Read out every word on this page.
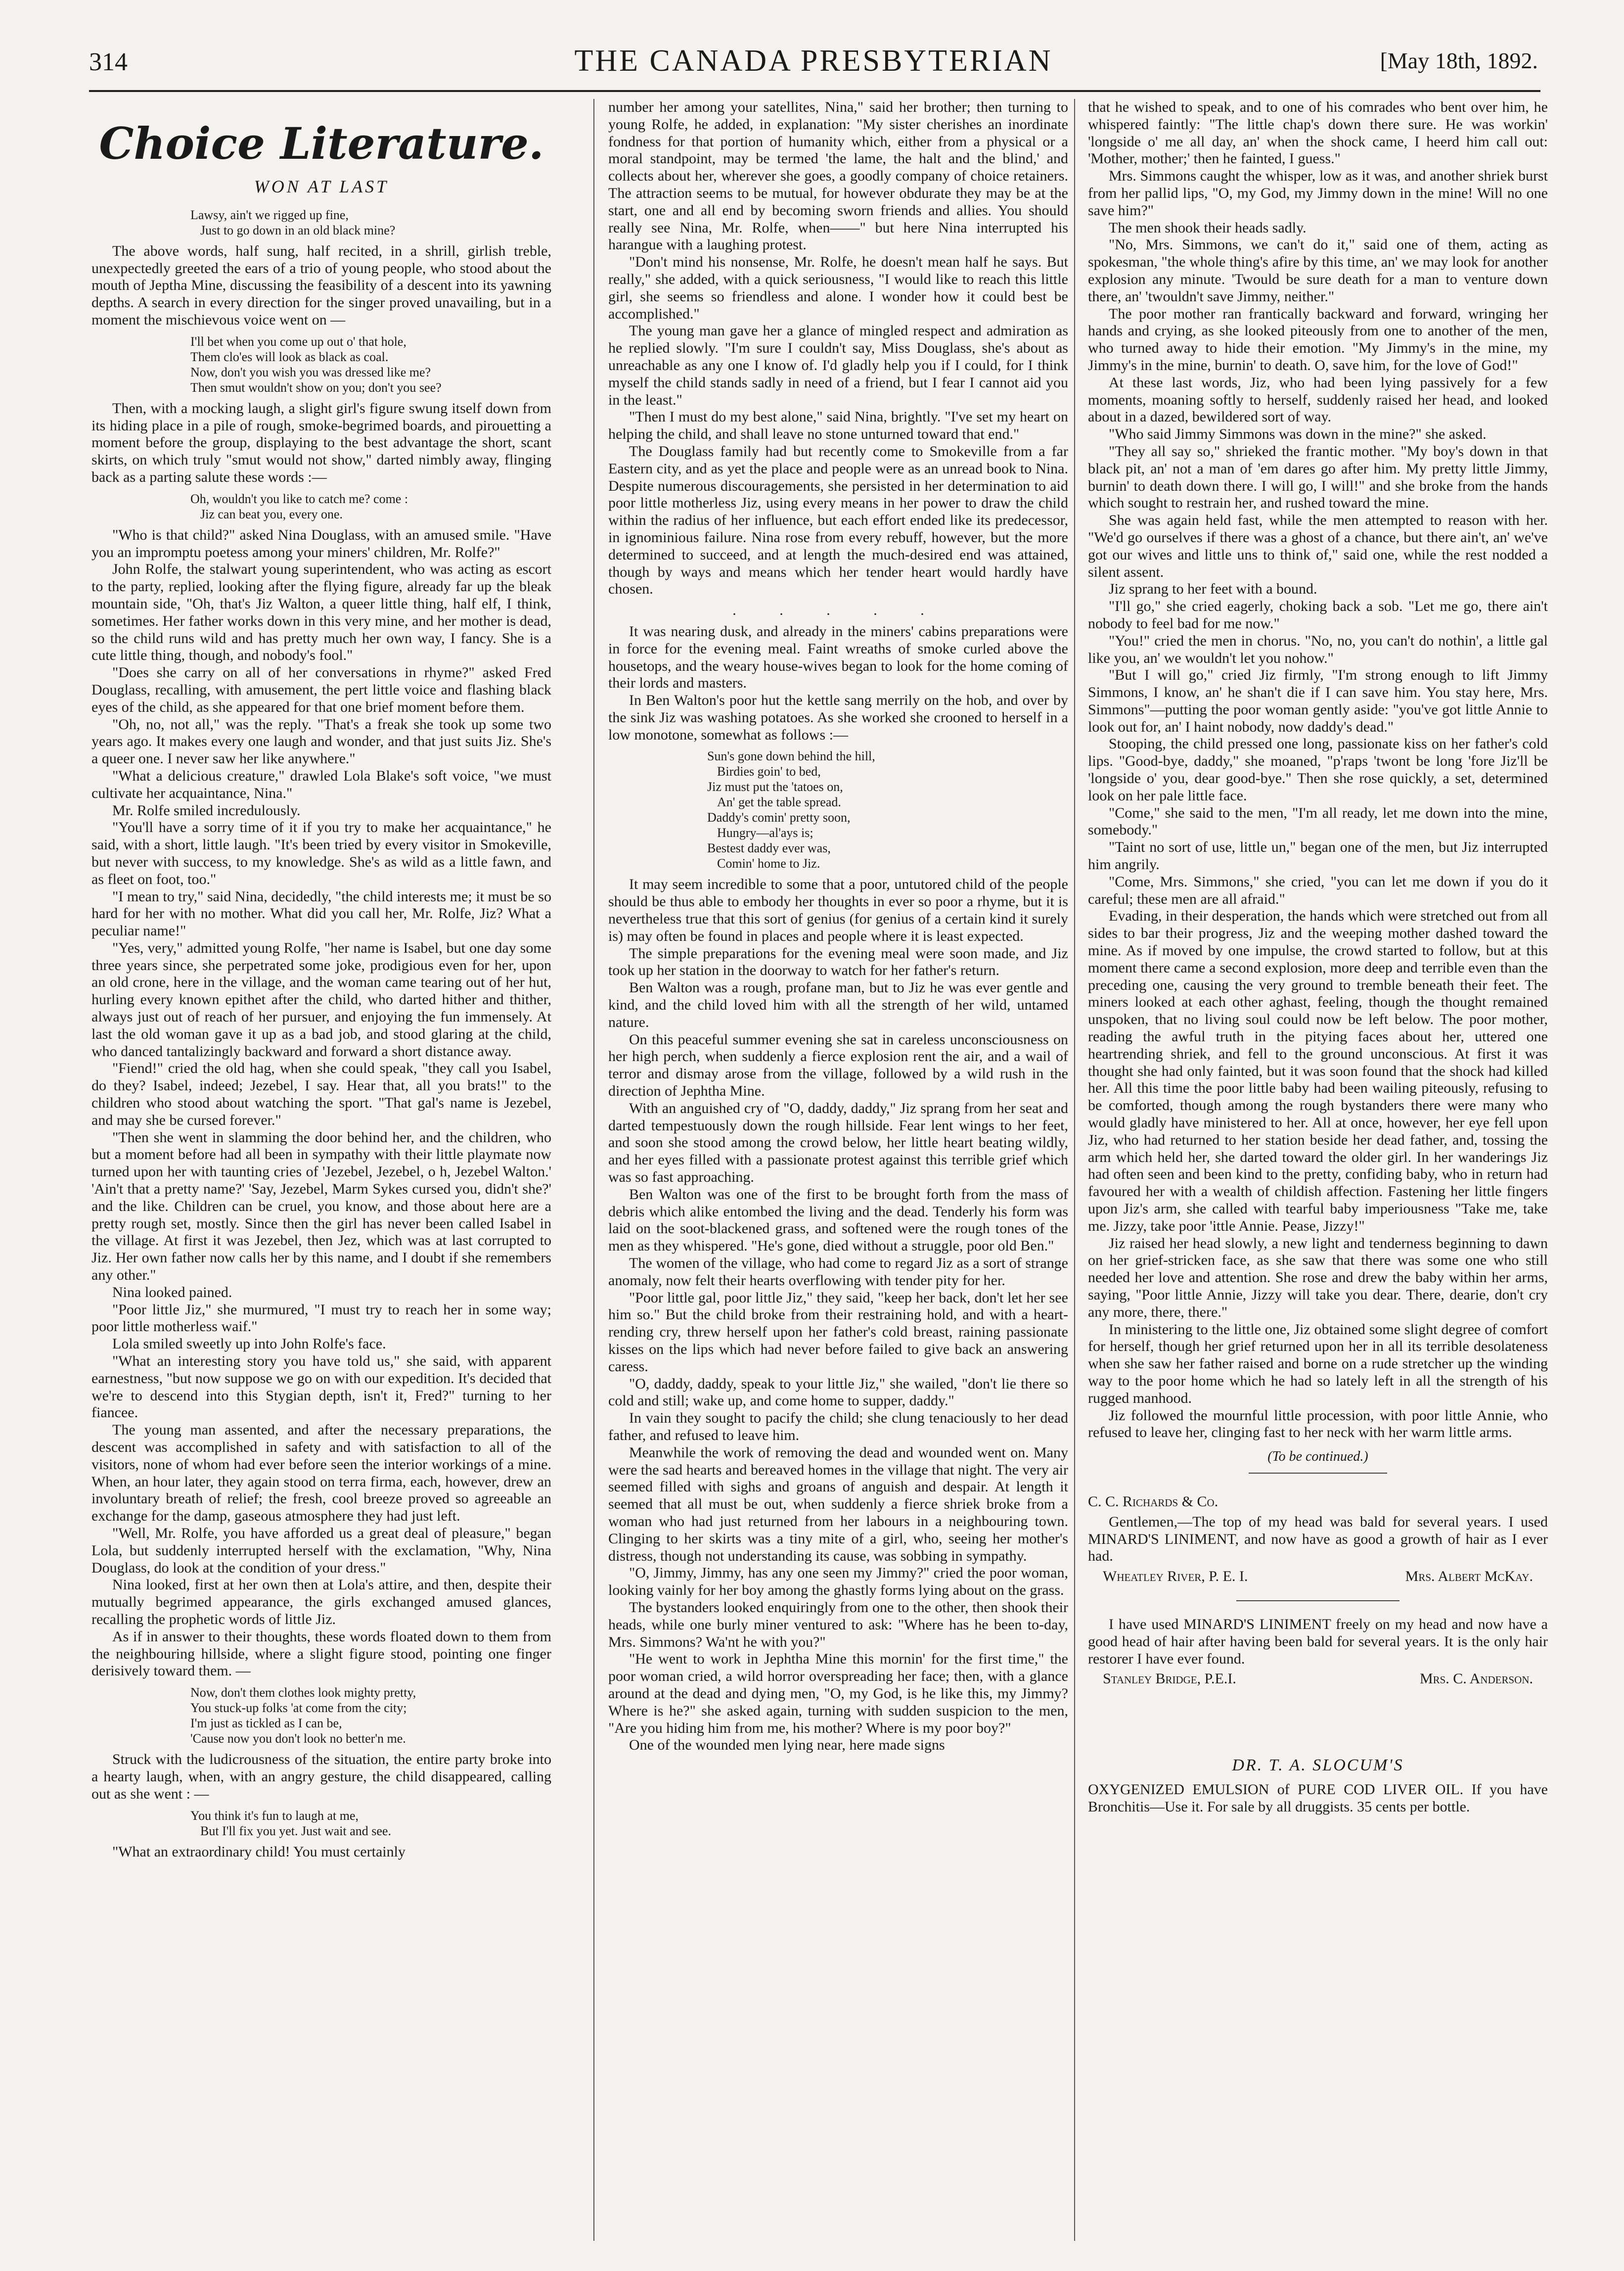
314	THE CANADA PRESBYTERIAN	[May 18th, 1892.
Choice Literature.
WON AT LAST
Lawsy, ain't we rigged up fine,
Just to go down in an old black mine?

The above words, half sung, half recited, in a shrill, girlish treble, unexpectedly greeted the ears of a trio of young people, who stood about the mouth of Jeptha Mine, discussing the feasibility of a descent into its yawning depths. A search in every direction for the singer proved unavailing, but in a moment the mischievous voice went on —

I'll bet when you come up out o' that hole,
Them clo'es will look as black as coal.
Now, don't you wish you was dressed like me?
Then smut wouldn't show on you; don't you see?

Then, with a mocking laugh, a slight girl's figure swung itself down from its hiding place in a pile of rough, smoke-begrimed boards, and pirouetting a moment before the group, displaying to the best advantage the short, scant skirts, on which truly "smut would not show," darted nimbly away, flinging back as a parting salute these words :—

Oh, wouldn't you like to catch me? come :
Jiz can beat you, every one.

"Who is that child?" asked Nina Douglass, with an amused smile. "Have you an impromptu poetess among your miners' children, Mr. Rolfe?"

John Rolfe, the stalwart young superintendent, who was acting as escort to the party, replied, looking after the flying figure, already far up the bleak mountain side, "Oh, that's Jiz Walton, a queer little thing, half elf, I think, sometimes. Her father works down in this very mine, and her mother is dead, so the child runs wild and has pretty much her own way, I fancy. She is a cute little thing, though, and nobody's fool."

"Does she carry on all of her conversations in rhyme?" asked Fred Douglass, recalling, with amusement, the pert little voice and flashing black eyes of the child, as she appeared for that one brief moment before them.

"Oh, no, not all," was the reply. "That's a freak she took up some two years ago. It makes every one laugh and wonder, and that just suits Jiz. She's a queer one. I never saw her like anywhere."

"What a delicious creature," drawled Lola Blake's soft voice, "we must cultivate her acquaintance, Nina."

Mr. Rolfe smiled incredulously.

"You'll have a sorry time of it if you try to make her acquaintance," he said, with a short, little laugh. "It's been tried by every visitor in Smokeville, but never with success, to my knowledge. She's as wild as a little fawn, and as fleet on foot, too."

"I mean to try," said Nina, decidedly, "the child interests me; it must be so hard for her with no mother. What did you call her, Mr. Rolfe, Jiz? What a peculiar name!"

"Yes, very," admitted young Rolfe, "her name is Isabel, but one day some three years since, she perpetrated some joke, prodigious even for her, upon an old crone, here in the village, and the woman came tearing out of her hut, hurling every known epithet after the child, who darted hither and thither, always just out of reach of her pursuer, and enjoying the fun immensely. At last the old woman gave it up as a bad job, and stood glaring at the child, who danced tantalizingly backward and forward a short distance away.

"Fiend!" cried the old hag, when she could speak, "they call you Isabel, do they? Isabel, indeed; Jezebel, I say. Hear that, all you brats!" to the children who stood about watching the sport. "That gal's name is Jezebel, and may she be cursed forever."

"Then she went in slamming the door behind her, and the children, who but a moment before had all been in sympathy with their little playmate now turned upon her with taunting cries of 'Jezebel, Jezebel, o h, Jezebel Walton.' 'Ain't that a pretty name?' 'Say, Jezebel, Marm Sykes cursed you, didn't she?' and the like. Children can be cruel, you know, and those about here are a pretty rough set, mostly. Since then the girl has never been called Isabel in the village. At first it was Jezebel, then Jez, which was at last corrupted to Jiz. Her own father now calls her by this name, and I doubt if she remembers any other."

Nina looked pained.

"Poor little Jiz," she murmured, "I must try to reach her in some way; poor little motherless waif."

Lola smiled sweetly up into John Rolfe's face.

"What an interesting story you have told us," she said, with apparent earnestness, "but now suppose we go on with our expedition. It's decided that we're to descend into this Stygian depth, isn't it, Fred?" turning to her fiancee.

The young man assented, and after the necessary preparations, the descent was accomplished in safety and with satisfaction to all of the visitors, none of whom had ever before seen the interior workings of a mine. When, an hour later, they again stood on terra firma, each, however, drew an involuntary breath of relief; the fresh, cool breeze proved so agreeable an exchange for the damp, gaseous atmosphere they had just left.

"Well, Mr. Rolfe, you have afforded us a great deal of pleasure," began Lola, but suddenly interrupted herself with the exclamation, "Why, Nina Douglass, do look at the condition of your dress."

Nina looked, first at her own then at Lola's attire, and then, despite their mutually begrimed appearance, the girls exchanged amused glances, recalling the prophetic words of little Jiz.

As if in answer to their thoughts, these words floated down to them from the neighbouring hillside, where a slight figure stood, pointing one finger derisively toward them. —

Now, don't them clothes look mighty pretty,
You stuck-up folks 'at come from the city;
I'm just as tickled as I can be,
'Cause now you don't look no better'n me.

Struck with the ludicrousness of the situation, the entire party broke into a hearty laugh, when, with an angry gesture, the child disappeared, calling out as she went : —

You think it's fun to laugh at me,
But I'll fix you yet. Just wait and see.

"What an extraordinary child! You must certainly

number her among your satellites, Nina," said her brother; then turning to young Rolfe, he added, in explanation: "My sister cherishes an inordinate fondness for that portion of humanity which, either from a physical or a moral standpoint, may be termed 'the lame, the halt and the blind,' and collects about her, wherever she goes, a goodly company of choice retainers. The attraction seems to be mutual, for however obdurate they may be at the start, one and all end by becoming sworn friends and allies. You should really see Nina, Mr. Rolfe, when——" but here Nina interrupted his harangue with a laughing protest.

"Don't mind his nonsense, Mr. Rolfe, he doesn't mean half he says. But really," she added, with a quick seriousness, "I would like to reach this little girl, she seems so friendless and alone. I wonder how it could best be accomplished."

The young man gave her a glance of mingled respect and admiration as he replied slowly. "I'm sure I couldn't say, Miss Douglass, she's about as unreachable as any one I know of. I'd gladly help you if I could, for I think myself the child stands sadly in need of a friend, but I fear I cannot aid you in the least."

"Then I must do my best alone," said Nina, brightly. "I've set my heart on helping the child, and shall leave no stone unturned toward that end."

The Douglass family had but recently come to Smokeville from a far Eastern city, and as yet the place and people were as an unread book to Nina. Despite numerous discouragements, she persisted in her determination to aid poor little motherless Jiz, using every means in her power to draw the child within the radius of her influence, but each effort ended like its predecessor, in ignominious failure. Nina rose from every rebuff, however, but the more determined to succeed, and at length the much-desired end was attained, though by ways and means which her tender heart would hardly have chosen.

. . . . .

It was nearing dusk, and already in the miners' cabins preparations were in force for the evening meal. Faint wreaths of smoke curled above the housetops, and the weary house-wives began to look for the home coming of their lords and masters.

In Ben Walton's poor hut the kettle sang merrily on the hob, and over by the sink Jiz was washing potatoes. As she worked she crooned to herself in a low monotone, somewhat as follows :—

Sun's gone down behind the hill,
Birdies goin' to bed,
Jiz must put the 'tatoes on,
An' get the table spread.
Daddy's comin' pretty soon,
Hungry—al'ays is;
Bestest daddy ever was,
Comin' home to Jiz.

It may seem incredible to some that a poor, untutored child of the people should be thus able to embody her thoughts in ever so poor a rhyme, but it is nevertheless true that this sort of genius (for genius of a certain kind it surely is) may often be found in places and people where it is least expected.

The simple preparations for the evening meal were soon made, and Jiz took up her station in the doorway to watch for her father's return.

Ben Walton was a rough, profane man, but to Jiz he was ever gentle and kind, and the child loved him with all the strength of her wild, untamed nature.

On this peaceful summer evening she sat in careless unconsciousness on her high perch, when suddenly a fierce explosion rent the air, and a wail of terror and dismay arose from the village, followed by a wild rush in the direction of Jephtha Mine.

With an anguished cry of "O, daddy, daddy," Jiz sprang from her seat and darted tempestuously down the rough hillside. Fear lent wings to her feet, and soon she stood among the crowd below, her little heart beating wildly, and her eyes filled with a passionate protest against this terrible grief which was so fast approaching.

Ben Walton was one of the first to be brought forth from the mass of debris which alike entombed the living and the dead. Tenderly his form was laid on the soot-blackened grass, and softened were the rough tones of the men as they whispered. "He's gone, died without a struggle, poor old Ben."

The women of the village, who had come to regard Jiz as a sort of strange anomaly, now felt their hearts overflowing with tender pity for her.

"Poor little gal, poor little Jiz," they said, "keep her back, don't let her see him so." But the child broke from their restraining hold, and with a heart-rending cry, threw herself upon her father's cold breast, raining passionate kisses on the lips which had never before failed to give back an answering caress.

"O, daddy, daddy, speak to your little Jiz," she wailed, "don't lie there so cold and still; wake up, and come home to supper, daddy."

In vain they sought to pacify the child; she clung tenaciously to her dead father, and refused to leave him.

Meanwhile the work of removing the dead and wounded went on. Many were the sad hearts and bereaved homes in the village that night. The very air seemed filled with sighs and groans of anguish and despair. At length it seemed that all must be out, when suddenly a fierce shriek broke from a woman who had just returned from her labours in a neighbouring town. Clinging to her skirts was a tiny mite of a girl, who, seeing her mother's distress, though not understanding its cause, was sobbing in sympathy.

"O, Jimmy, Jimmy, has any one seen my Jimmy?" cried the poor woman, looking vainly for her boy among the ghastly forms lying about on the grass.

The bystanders looked enquiringly from one to the other, then shook their heads, while one burly miner ventured to ask: "Where has he been to-day, Mrs. Simmons? Wa'nt he with you?"

"He went to work in Jephtha Mine this mornin' for the first time," the poor woman cried, a wild horror overspreading her face; then, with a glance around at the dead and dying men, "O, my God, is he like this, my Jimmy? Where is he?" she asked again, turning with sudden suspicion to the men, "Are you hiding him from me, his mother? Where is my poor boy?"

One of the wounded men lying near, here made signs

that he wished to speak, and to one of his comrades who bent over him, he whispered faintly: "The little chap's down there sure. He was workin' 'longside o' me all day, an' when the shock came, I heerd him call out: 'Mother, mother;' then he fainted, I guess."

Mrs. Simmons caught the whisper, low as it was, and another shriek burst from her pallid lips, "O, my God, my Jimmy down in the mine! Will no one save him?"

The men shook their heads sadly.

"No, Mrs. Simmons, we can't do it," said one of them, acting as spokesman, "the whole thing's afire by this time, an' we may look for another explosion any minute. 'Twould be sure death for a man to venture down there, an' 'twouldn't save Jimmy, neither."

The poor mother ran frantically backward and forward, wringing her hands and crying, as she looked piteously from one to another of the men, who turned away to hide their emotion. "My Jimmy's in the mine, my Jimmy's in the mine, burnin' to death. O, save him, for the love of God!"

At these last words, Jiz, who had been lying passively for a few moments, moaning softly to herself, suddenly raised her head, and looked about in a dazed, bewildered sort of way.

"Who said Jimmy Simmons was down in the mine?" she asked.

"They all say so," shrieked the frantic mother. "My boy's down in that black pit, an' not a man of 'em dares go after him. My pretty little Jimmy, burnin' to death down there. I will go, I will!" and she broke from the hands which sought to restrain her, and rushed toward the mine.

She was again held fast, while the men attempted to reason with her. "We'd go ourselves if there was a ghost of a chance, but there ain't, an' we've got our wives and little uns to think of," said one, while the rest nodded a silent assent.

Jiz sprang to her feet with a bound.

"I'll go," she cried eagerly, choking back a sob. "Let me go, there ain't nobody to feel bad for me now."

"You!" cried the men in chorus. "No, no, you can't do nothin', a little gal like you, an' we wouldn't let you nohow."

"But I will go," cried Jiz firmly, "I'm strong enough to lift Jimmy Simmons, I know, an' he shan't die if I can save him. You stay here, Mrs. Simmons"—putting the poor woman gently aside: "you've got little Annie to look out for, an' I haint nobody, now daddy's dead."

Stooping, the child pressed one long, passionate kiss on her father's cold lips. "Good-bye, daddy," she moaned, "p'raps 'twont be long 'fore Jiz'll be 'longside o' you, dear good-bye." Then she rose quickly, a set, determined look on her pale little face.

"Come," she said to the men, "I'm all ready, let me down into the mine, somebody."

"Taint no sort of use, little un," began one of the men, but Jiz interrupted him angrily.

"Come, Mrs. Simmons," she cried, "you can let me down if you do it careful; these men are all afraid."

Evading, in their desperation, the hands which were stretched out from all sides to bar their progress, Jiz and the weeping mother dashed toward the mine. As if moved by one impulse, the crowd started to follow, but at this moment there came a second explosion, more deep and terrible even than the preceding one, causing the very ground to tremble beneath their feet. The miners looked at each other aghast, feeling, though the thought remained unspoken, that no living soul could now be left below. The poor mother, reading the awful truth in the pitying faces about her, uttered one heartrending shriek, and fell to the ground unconscious. At first it was thought she had only fainted, but it was soon found that the shock had killed her. All this time the poor little baby had been wailing piteously, refusing to be comforted, though among the rough bystanders there were many who would gladly have ministered to her. All at once, however, her eye fell upon Jiz, who had returned to her station beside her dead father, and, tossing the arm which held her, she darted toward the older girl. In her wanderings Jiz had often seen and been kind to the pretty, confiding baby, who in return had favoured her with a wealth of childish affection. Fastening her little fingers upon Jiz's arm, she called with tearful baby imperiousness "Take me, take me. Jizzy, take poor 'ittle Annie. Pease, Jizzy!"

Jiz raised her head slowly, a new light and tenderness beginning to dawn on her grief-stricken face, as she saw that there was some one who still needed her love and attention. She rose and drew the baby within her arms, saying, "Poor little Annie, Jizzy will take you dear. There, dearie, don't cry any more, there, there."

In ministering to the little one, Jiz obtained some slight degree of comfort for herself, though her grief returned upon her in all its terrible desolateness when she saw her father raised and borne on a rude stretcher up the winding way to the poor home which he had so lately left in all the strength of his rugged manhood.

Jiz followed the mournful little procession, with poor little Annie, who refused to leave her, clinging fast to her neck with her warm little arms.

(To be continued.)
C. C. Richards & Co.

Gentlemen,—The top of my head was bald for several years. I used MINARD'S LINIMENT, and now have as good a growth of hair as I ever had.

Wheatley River, P. E. I.	Mrs. Albert McKay.

I have used MINARD'S LINIMENT freely on my head and now have a good head of hair after having been bald for several years. It is the only hair restorer I have ever found.

Stanley Bridge, P.E.I.	Mrs. C. Anderson.
DR. T. A. SLOCUM'S

OXYGENIZED EMULSION of PURE COD LIVER OIL. If you have Bronchitis—Use it. For sale by all druggists. 35 cents per bottle.
